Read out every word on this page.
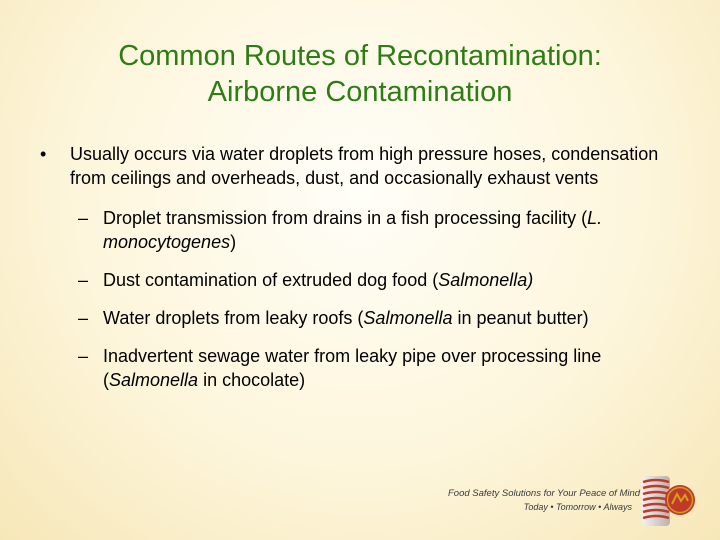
Common Routes of Recontamination:
Airborne Contamination
• Usually occurs via water droplets from high pressure hoses, condensation from ceilings and overheads, dust, and occasionally exhaust vents
– Droplet transmission from drains in a fish processing facility (L. monocytogenes)
– Dust contamination of extruded dog food (Salmonella)
– Water droplets from leaky roofs (Salmonella in peanut butter)
– Inadvertent sewage water from leaky pipe over processing line (Salmonella in chocolate)
Food Safety Solutions for Your Peace of Mind
Today • Tomorrow • Always
